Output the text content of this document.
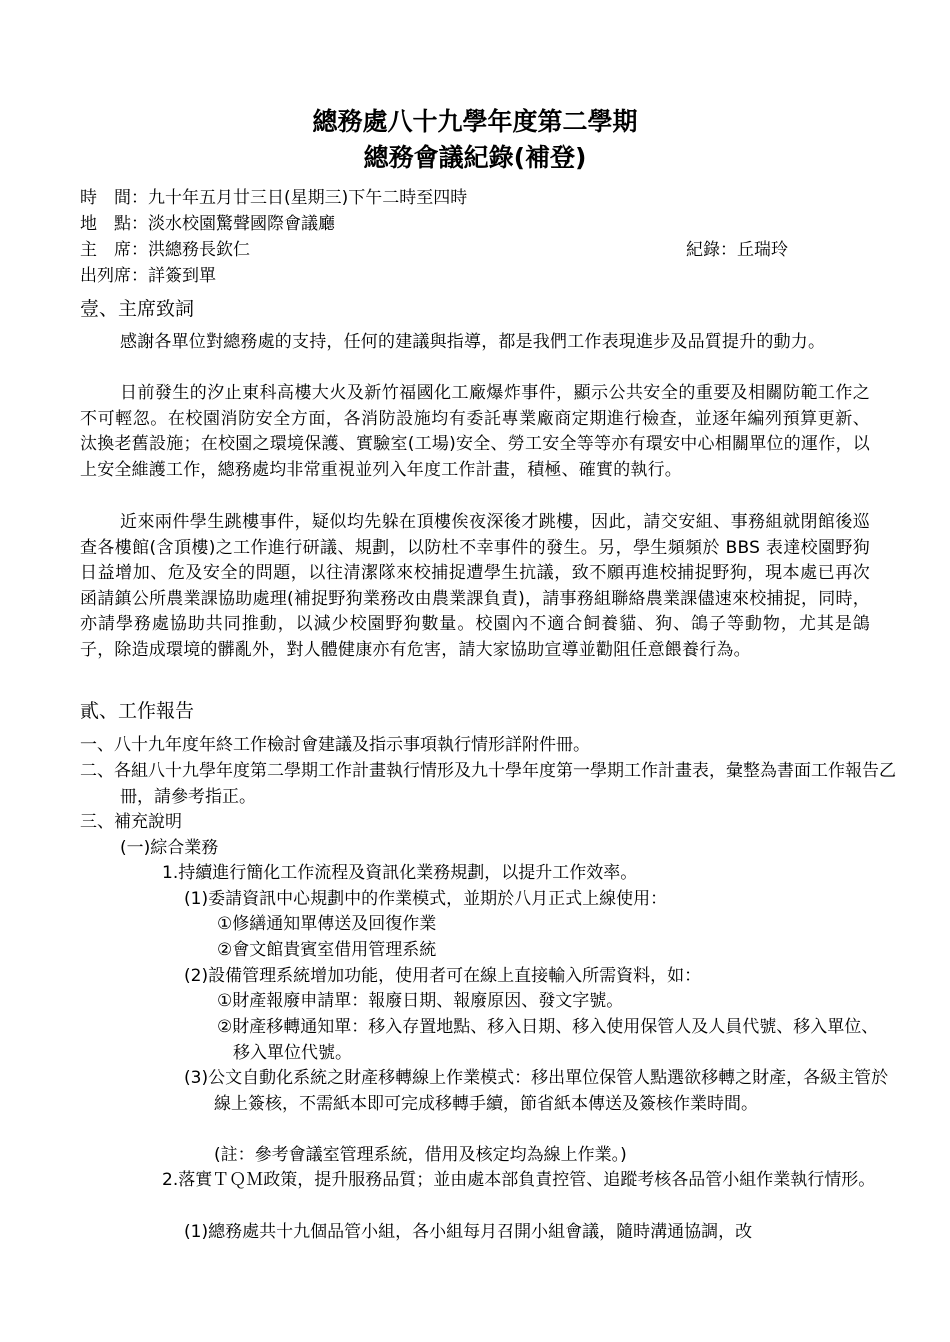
總務處八十九學年度第二學期
總務會議紀錄(補登)
時　間：九十年五月廿三日(星期三)下午二時至四時
地　點：淡水校園驚聲國際會議廳
主　席：洪總務長欽仁	紀錄：丘瑞玲
出列席：詳簽到單
壹、主席致詞

感謝各單位對總務處的支持，任何的建議與指導，都是我們工作表現進步及品質提升的動力。

日前發生的汐止東科高樓大火及新竹福國化工廠爆炸事件，顯示公共安全的重要及相關防範工作之不可輕忽。在校園消防安全方面，各消防設施均有委託專業廠商定期進行檢查，並逐年編列預算更新、汰換老舊設施；在校園之環境保護、實驗室(工場)安全、勞工安全等等亦有環安中心相關單位的運作，以上安全維護工作，總務處均非常重視並列入年度工作計畫，積極、確實的執行。

近來兩件學生跳樓事件，疑似均先躲在頂樓俟夜深後才跳樓，因此，請交安組、事務組就閉館後巡查各樓館(含頂樓)之工作進行研議、規劃，以防杜不幸事件的發生。另，學生頻頻於 BBS 表達校園野狗日益增加、危及安全的問題，以往清潔隊來校捕捉遭學生抗議，致不願再進校捕捉野狗，現本處已再次函請鎮公所農業課協助處理(補捉野狗業務改由農業課負責)，請事務組聯絡農業課儘速來校捕捉，同時，亦請學務處協助共同推動，以減少校園野狗數量。校園內不適合飼養貓、狗、鴿子等動物，尤其是鴿子，除造成環境的髒亂外，對人體健康亦有危害，請大家協助宣導並勸阻任意餵養行為。

貳、工作報告

一、八十九年度年終工作檢討會建議及指示事項執行情形詳附件冊。

二、各組八十九學年度第二學期工作計畫執行情形及九十學年度第一學期工作計畫表，彙整為書面工作報告乙冊，請參考指正。

三、補充說明

(一)綜合業務

1.持續進行簡化工作流程及資訊化業務規劃，以提升工作效率。

(1)委請資訊中心規劃中的作業模式，並期於八月正式上線使用：

①修繕通知單傳送及回復作業

②會文館貴賓室借用管理系統

(2)設備管理系統增加功能，使用者可在線上直接輸入所需資料，如：

①財產報廢申請單：報廢日期、報廢原因、發文字號。

②財產移轉通知單：移入存置地點、移入日期、移入使用保管人及人員代號、移入單位、移入單位代號。

(3)公文自動化系統之財產移轉線上作業模式：移出單位保管人點選欲移轉之財產，各級主管於線上簽核，不需紙本即可完成移轉手續，節省紙本傳送及簽核作業時間。

(註：參考會議室管理系統，借用及核定均為線上作業。)

2.落實ＴＱＭ政策，提升服務品質；並由處本部負責控管、追蹤考核各品管小組作業執行情形。

(1)總務處共十九個品管小組，各小組每月召開小組會議，隨時溝通協調，改
